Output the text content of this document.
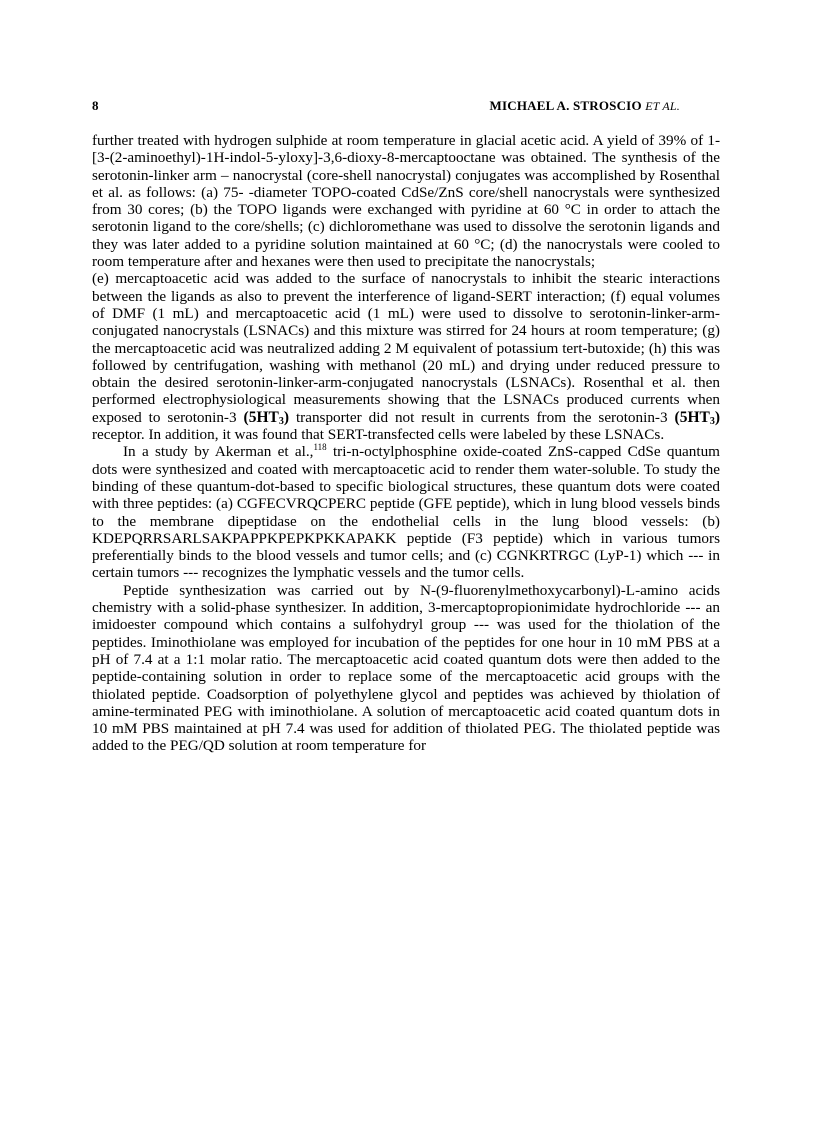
8	MICHAEL A. STROSCIO ET AL.

further treated with hydrogen sulphide at room temperature in glacial acetic acid. A yield of 39% of 1-[3-(2-aminoethyl)-1H-indol-5-yloxy]-3,6-dioxy-8-mercaptooctane was obtained. The synthesis of the serotonin-linker arm – nanocrystal (core-shell nanocrystal) conjugates was accomplished by Rosenthal et al. as follows: (a) 75- -diameter TOPO-coated CdSe/ZnS core/shell nanocrystals were synthesized from 30 cores; (b) the TOPO ligands were exchanged with pyridine at 60 °C in order to attach the serotonin ligand to the core/shells; (c) dichloromethane was used to dissolve the serotonin ligands and they was later added to a pyridine solution maintained at 60 °C; (d) the nanocrystals were cooled to room temperature after and hexanes were then used to precipitate the nanocrystals;

(e) mercaptoacetic acid was added to the surface of nanocrystals to inhibit the stearic interactions between the ligands as also to prevent the interference of ligand-SERT interaction; (f) equal volumes of DMF (1 mL) and mercaptoacetic acid (1 mL) were used to dissolve to serotonin-linker-arm-conjugated nanocrystals (LSNACs) and this mixture was stirred for 24 hours at room temperature; (g) the mercaptoacetic acid was neutralized adding 2 M equivalent of potassium tert-butoxide; (h) this was followed by centrifugation, washing with methanol (20 mL) and drying under reduced pressure to obtain the desired serotonin-linker-arm-conjugated nanocrystals (LSNACs). Rosenthal et al. then performed electrophysiological measurements showing that the LSNACs produced currents when exposed to serotonin-3 $(5HT_3)$ transporter did not result in currents from the serotonin-3 $(5HT_3)$ receptor. In addition, it was found that SERT-transfected cells were labeled by these LSNACs.

In a study by Akerman et al.,$^{118}$ tri-n-octylphosphine oxide-coated ZnS-capped CdSe quantum dots were synthesized and coated with mercaptoacetic acid to render them water-soluble. To study the binding of these quantum-dot-based to specific biological structures, these quantum dots were coated with three peptides: (a) CGFECVRQCPERC peptide (GFE peptide), which in lung blood vessels binds to the membrane dipeptidase on the endothelial cells in the lung blood vessels: (b) KDEPQRRSARLSAKPAPPKPEPKPKKAPAKK peptide (F3 peptide) which in various tumors preferentially binds to the blood vessels and tumor cells; and (c) CGNKRTRGC (LyP-1) which --- in certain tumors --- recognizes the lymphatic vessels and the tumor cells.

Peptide synthesization was carried out by N-(9-fluorenylmethoxycarbonyl)-L-amino acids chemistry with a solid-phase synthesizer. In addition, 3-mercaptopropionimidate hydrochloride --- an imidoester compound which contains a sulfohydryl group --- was used for the thiolation of the peptides. Iminothiolane was employed for incubation of the peptides for one hour in 10 mM PBS at a pH of 7.4 at a 1:1 molar ratio. The mercaptoacetic acid coated quantum dots were then added to the peptide-containing solution in order to replace some of the mercaptoacetic acid groups with the thiolated peptide. Coadsorption of polyethylene glycol and peptides was achieved by thiolation of amine-terminated PEG with iminothiolane. A solution of mercaptoacetic acid coated quantum dots in 10 mM PBS maintained at pH 7.4 was used for addition of thiolated PEG. The thiolated peptide was added to the PEG/QD solution at room temperature for
